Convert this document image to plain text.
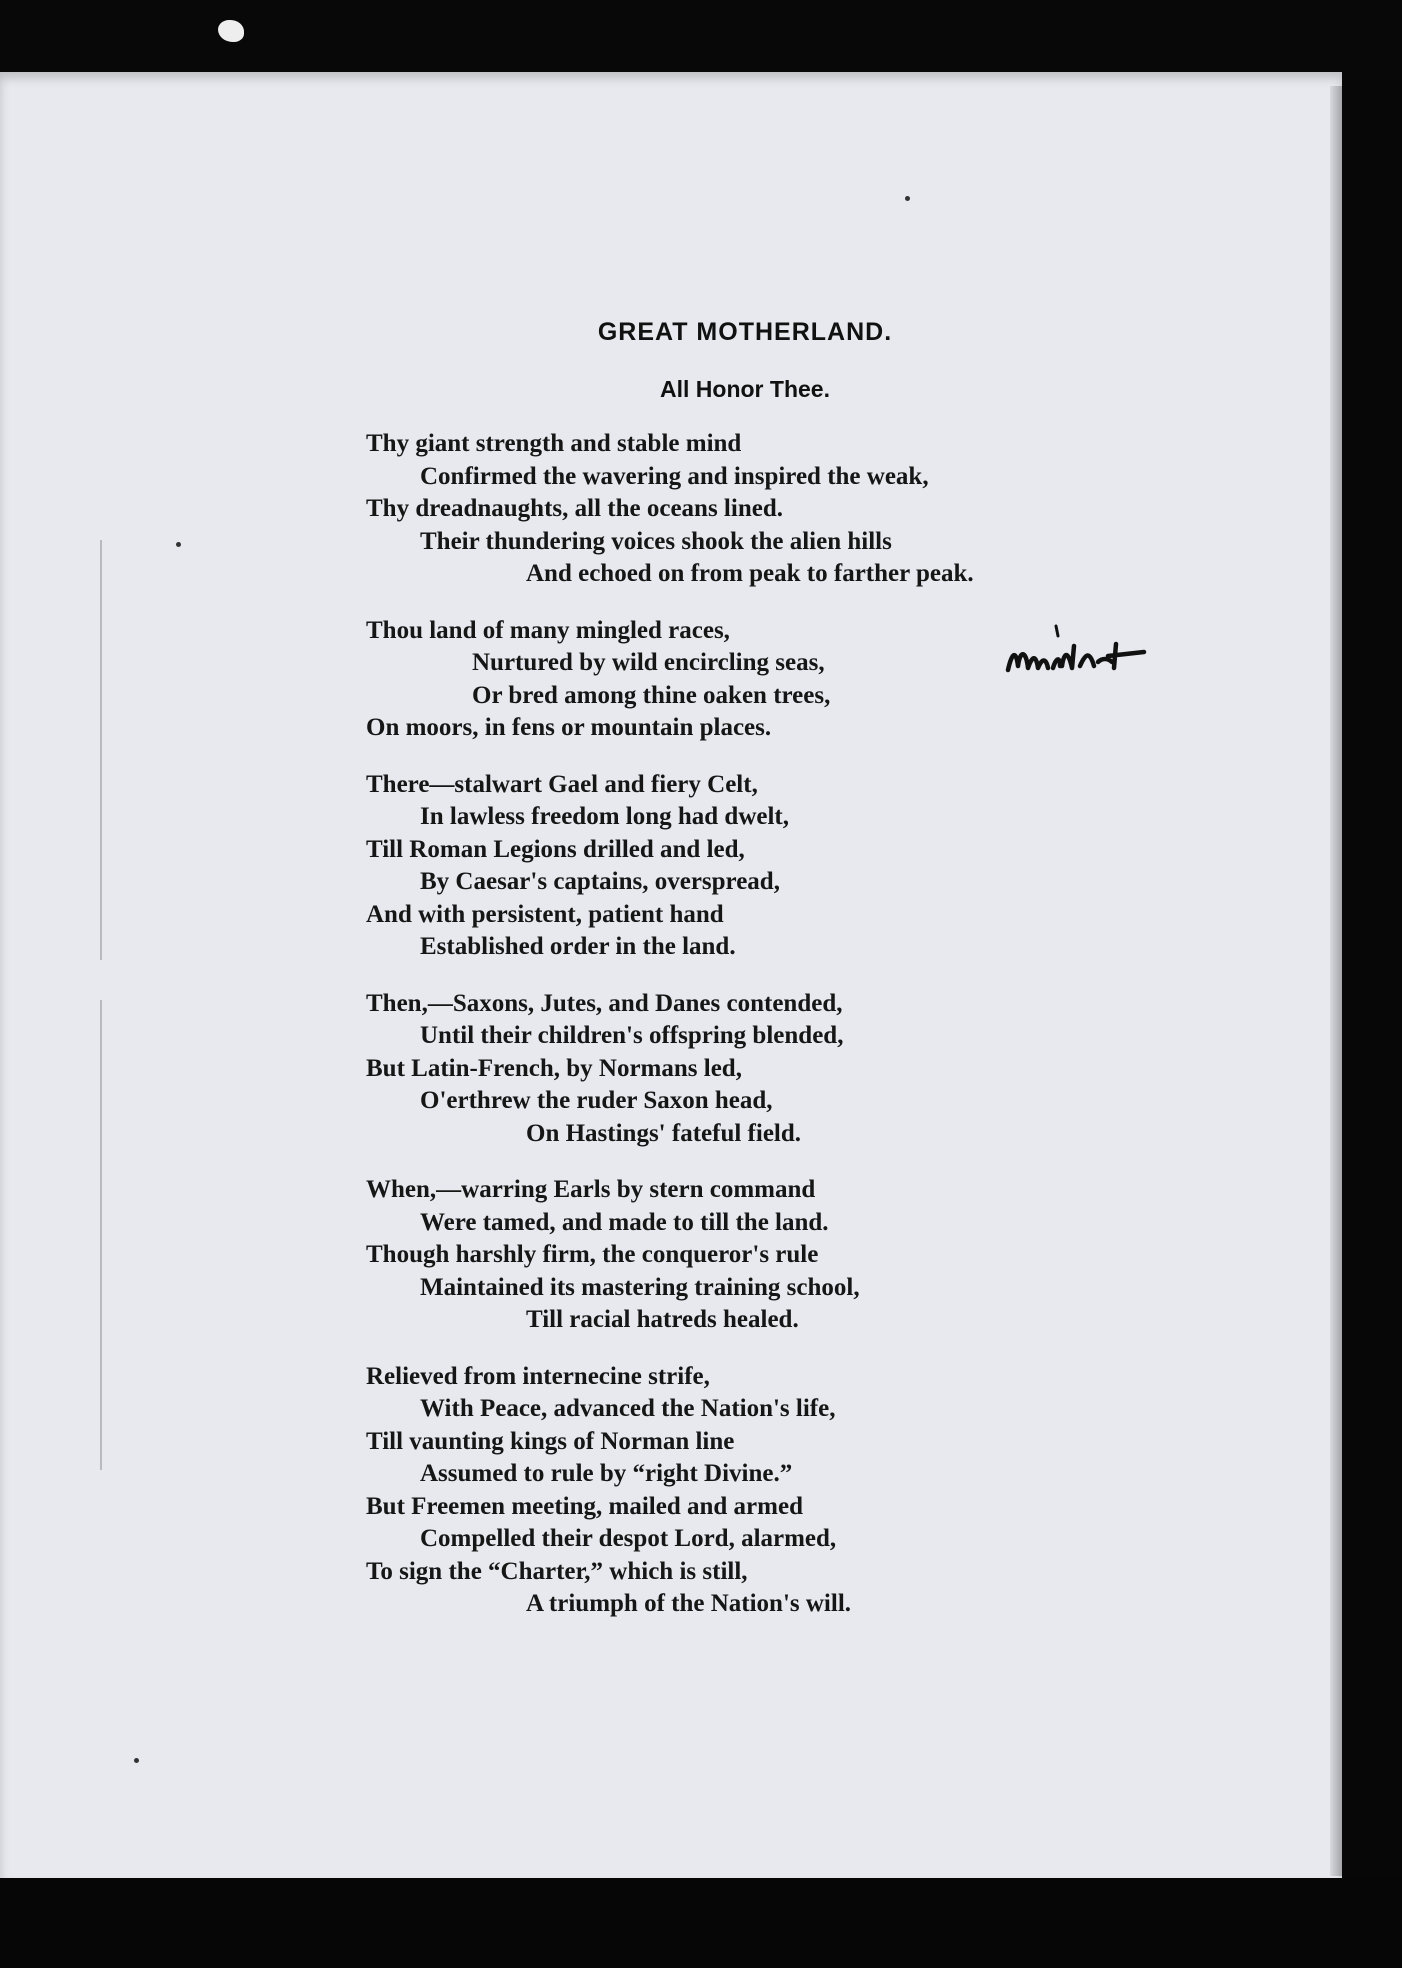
GREAT MOTHERLAND.
All Honor Thee.
Thy giant strength and stable mind
Confirmed the wavering and inspired the weak,
Thy dreadnaughts, all the oceans lined.
Their thundering voices shook the alien hills
And echoed on from peak to farther peak.
Thou land of many mingled races,
Nurtured by wild encircling seas,
Or bred among thine oaken trees,
On moors, in fens or mountain places.
There—stalwart Gael and fiery Celt,
In lawless freedom long had dwelt,
Till Roman Legions drilled and led,
By Caesar's captains, overspread,
And with persistent, patient hand
Established order in the land.
Then,—Saxons, Jutes, and Danes contended,
Until their children's offspring blended,
But Latin-French, by Normans led,
O'erthrew the ruder Saxon head,
On Hastings' fateful field.
When,—warring Earls by stern command
Were tamed, and made to till the land.
Though harshly firm, the conqueror's rule
Maintained its mastering training school,
Till racial hatreds healed.
Relieved from internecine strife,
With Peace, advanced the Nation's life,
Till vaunting kings of Norman line
Assumed to rule by “right Divine.”
But Freemen meeting, mailed and armed
Compelled their despot Lord, alarmed,
To sign the “Charter,” which is still,
A triumph of the Nation's will.
